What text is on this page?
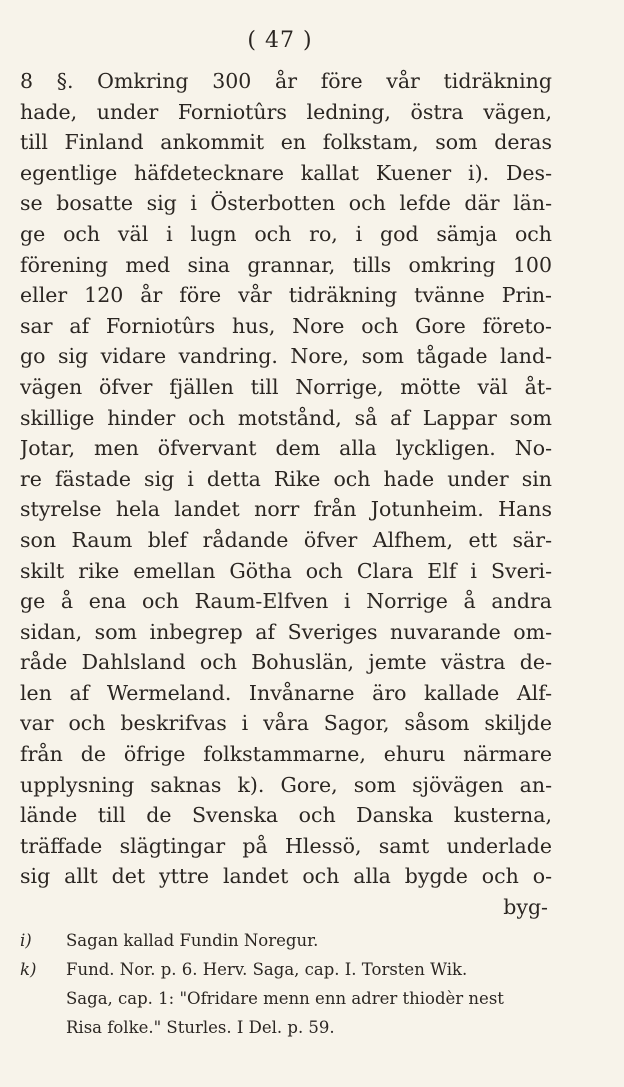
( 47 )
8 §. Omkring 300 år före vår tidräkning
hade, under Forniotûrs ledning, östra vägen,
till Finland ankommit en folkstam, som deras
egentlige häfdetecknare kallat Kuener i). Des-
se bosatte sig i Österbotten och lefde där län-
ge och väl i lugn och ro, i god sämja och
förening med sina grannar, tills omkring 100
eller 120 år före vår tidräkning tvänne Prin-
sar af Forniotûrs hus, Nore och Gore företo-
go sig vidare vandring. Nore, som tågade land-
vägen öfver fjällen till Norrige, mötte väl åt-
skillige hinder och motstånd, så af Lappar som
Jotar, men öfvervant dem alla lyckligen. No-
re fästade sig i detta Rike och hade under sin
styrelse hela landet norr från Jotunheim. Hans
son Raum blef rådande öfver Alfhem, ett sär-
skilt rike emellan Götha och Clara Elf i Sveri-
ge å ena och Raum-Elfven i Norrige å andra
sidan, som inbegrep af Sveriges nuvarande om-
råde Dahlsland och Bohuslän, jemte västra de-
len af Wermeland. Invånarne äro kallade Alf-
var och beskrifvas i våra Sagor, såsom skiljde
från de öfrige folkstammarne, ehuru närmare
upplysning saknas k). Gore, som sjövägen an-
lände till de Svenska och Danska kusterna,
träffade slägtingar på Hlessö, samt underlade
sig allt det yttre landet och alla bygde och o-
byg-
i) Sagan kallad Fundin Noregur.
k) Fund. Nor. p. 6. Herv. Saga, cap. I. Torsten Wik.
Saga, cap. 1: "Ofridare menn enn adrer thiodèr nest
Risa folke." Sturles. I Del. p. 59.
